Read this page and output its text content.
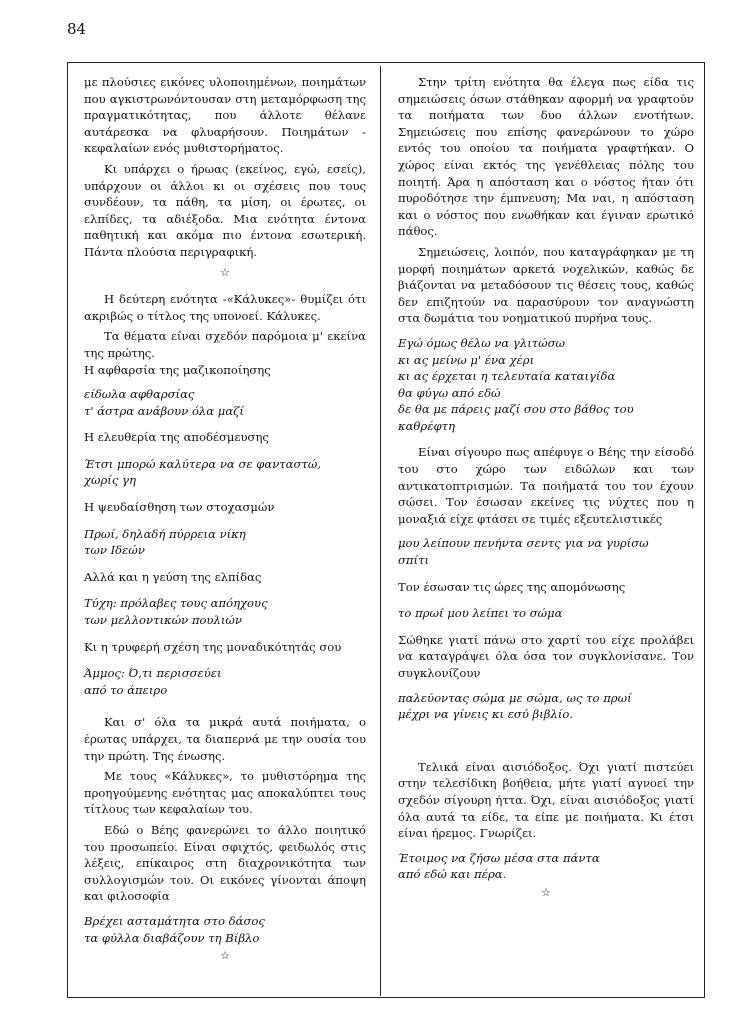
84

με πλούσιες εικόνες υλοποιημένων, ποιημάτων που αγκιστρωνόντουσαν στη μεταμόρφωση της πραγματικότητας, που άλλοτε θέλανε αυτάρεσκα να φλυαρήσουν. Ποιημάτων - κεφαλαίων ενός μυθιστορήματος.

Κι υπάρχει ο ήρωας (εκείνος, εγώ, εσείς), υπάρχουν οι άλλοι κι οι σχέσεις που τους συνδέουν, τα πάθη, τα μίση, οι έρωτες, οι ελπίδες, τα αδιέξοδα. Μια ενότητα έντονα παθητική και ακόμα πιο έντονα εσωτερική. Πάντα πλούσια περιγραφική.

☆

Η δεύτερη ενότητα -«Κάλυκες»- θυμίζει ότι ακριβώς ο τίτλος της υπονοεί. Κάλυκες.

Τα θέματα είναι σχεδόν παρόμοια μ' εκείνα της πρώτης.

Η αφθαρσία της μαζικοποίησης

είδωλα αφθαρσίας
τ' άστρα ανάβουν όλα μαζί
Η ελευθερία της αποδέσμευσης
Έτσι μπορώ καλύτερα να σε φανταστώ,
χωρίς γη
Η ψευδαίσθηση των στοχασμών
Πρωί, δηλαδή πύρρεια νίκη
των Ιδεών
Αλλά και η γεύση της ελπίδας
Τύχη: πρόλαβες τους απόηχους
των μελλοντικών πουλιών
Κι η τρυφερή σχέση της μοναδικότητάς σου
Άμμος: Ό,τι περισσεύει
από το άπειρο

Και σ' όλα τα μικρά αυτά ποιήματα, ο έρωτας υπάρχει, τα διαπερνά με την ουσία του την πρώτη. Της ένωσης.

Με τους «Κάλυκες», το μυθιστόρημα της προηγούμενης ενότητας μας αποκαλύπτει τους τίτλους των κεφαλαίων του.

Εδώ ο Βέης φανερώνει το άλλο ποιητικό του προσωπείο. Είναι σφιχτός, φειδωλός στις λέξεις, επίκαιρος στη διαχρονικότητα των συλλογισμών του. Οι εικόνες γίνονται άποψη και φιλοσοφία

Βρέχει ασταμάτητα στο δάσος
τα φύλλα διαβάζουν τη Βίβλο
☆

Στην τρίτη ενότητα θα έλεγα πως είδα τις σημειώσεις όσων στάθηκαν αφορμή να γραφτούν τα ποιήματα των δυο άλλων ενοτήτων. Σημειώσεις που επίσης φανερώνουν το χώρο εντός του οποίου τα ποιήματα γραφτήκαν. Ο χώρος είναι εκτός της γενέθλειας πόλης του ποιητή. Άρα η απόσταση και ο νόστος ήταν ότι πυροδότησε την έμπνευση; Μα ναι, η απόσταση και ο νόστος που ενωθήκαν και έγιναν ερωτικό πάθος.

Σημειώσεις, λοιπόν, που καταγράφηκαν με τη μορφή ποιημάτων αρκετά νοχελικών, καθώς δε βιάζονται να μεταδόσουν τις θέσεις τους, καθώς δεν επιζητούν να παρασύρουν τον αναγνώστη στα δωμάτια του νοηματικού πυρήνα τους.

Εγώ όμως θέλω να γλιτώσω
κι ας μείνω μ' ένα χέρι
κι ας έρχεται η τελευταία καταιγίδα
θα φύγω από εδώ
δε θα με πάρεις μαζί σου στο βάθος του
καθρέφτη

Είναι σίγουρο πως απέφυγε ο Βέης την είσοδό του στο χώρο των ειδώλων και των αντικατοπτρισμών. Τα ποιήματά του τον έχουν σώσει. Τον έσωσαν εκείνες τις νύχτες που η μοναξιά είχε φτάσει σε τιμές εξευτελιστικές

μου λείπουν πενήντα σεντς για να γυρίσω
σπίτι
Τον έσωσαν τις ώρες της απομόνωσης
το πρωί μου λείπει το σώμα

Σώθηκε γιατί πάνω στο χαρτί του είχε προλάβει να καταγράψει όλα όσα τον συγκλονίσανε. Τον συγκλονίζουν

παλεύοντας σώμα με σώμα, ως το πρωί
μέχρι να γίνεις κι εσύ βιβλίο.

Τελικά είναι αισιόδοξος. Όχι γιατί πιστεύει στην τελεσίδικη βοήθεια, μήτε γιατί αγνοεί την σχεδόν σίγουρη ήττα. Όχι, είναι αισιόδοξος γιατί όλα αυτά τα είδε, τα είπε με ποιήματα. Κι έτσι είναι ήρεμος. Γνωρίζει.

Έτοιμος να ζήσω μέσα στα πάντα
από εδώ και πέρα.
☆
